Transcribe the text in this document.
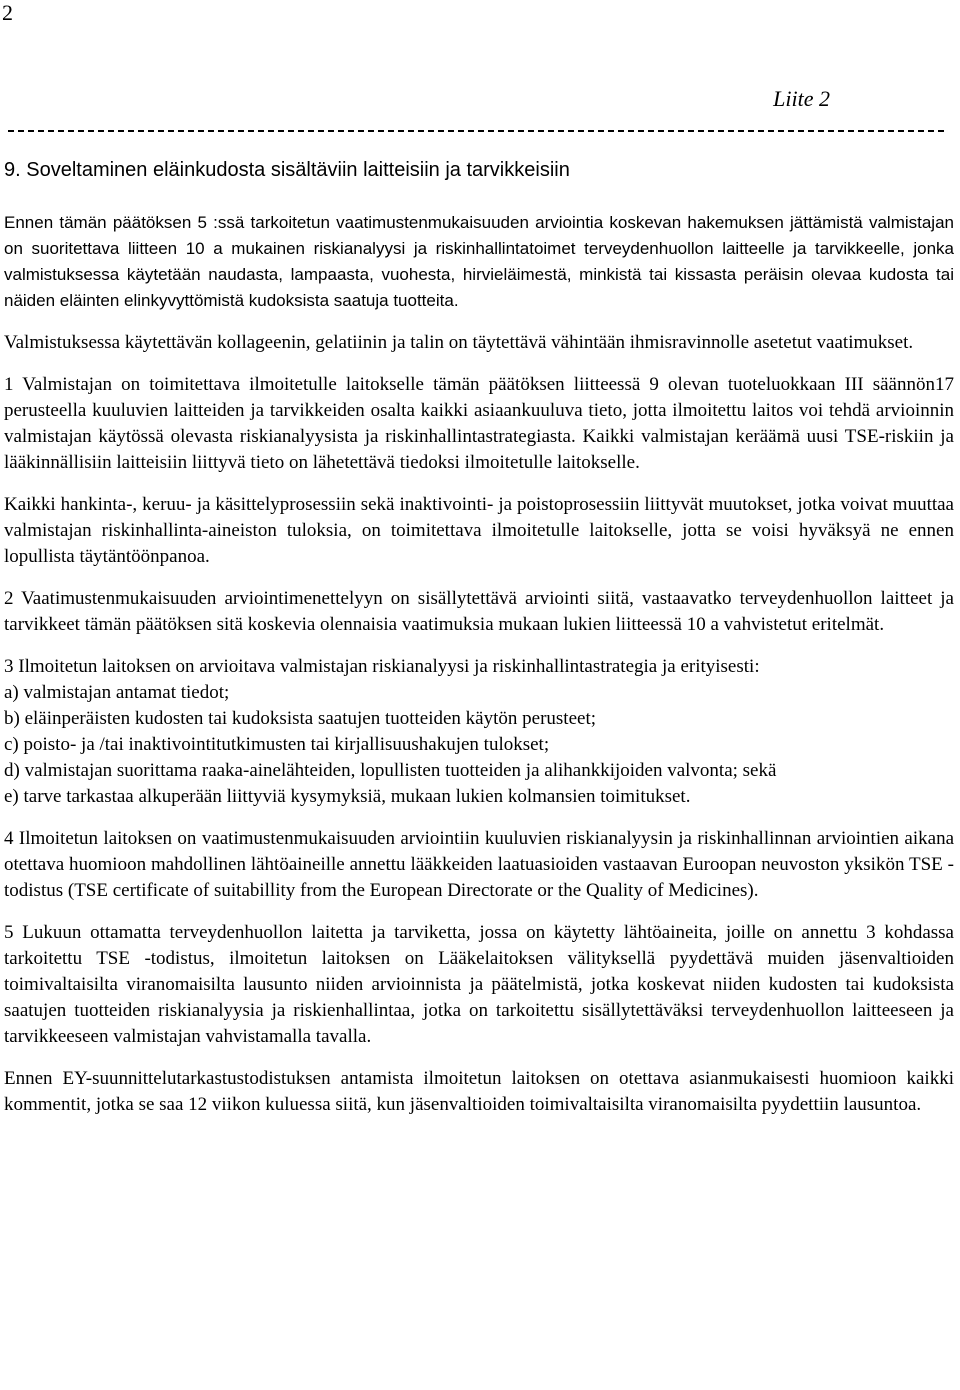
2
Liite 2
9. Soveltaminen eläinkudosta sisältäviin laitteisiin ja tarvikkeisiin

Ennen tämän päätöksen 5 :ssä tarkoitetun vaatimustenmukaisuuden arviointia koskevan hakemuksen jättämistä valmistajan on suoritettava liitteen 10 a mukainen riskianalyysi ja riskinhallintatoimet terveydenhuollon laitteelle ja tarvikkeelle, jonka valmistuksessa käytetään naudasta, lampaasta, vuohesta, hirvieläimestä, minkistä tai kissasta peräisin olevaa kudosta tai näiden eläinten elinkyvyttömistä kudoksista saatuja tuotteita.

Valmistuksessa käytettävän kollageenin, gelatiinin ja talin on täytettävä vähintään ihmisravinnolle asetetut vaatimukset.

1 Valmistajan on toimitettava ilmoitetulle laitokselle tämän päätöksen liitteessä 9 olevan tuoteluokkaan III säännön17 perusteella kuuluvien laitteiden ja tarvikkeiden osalta kaikki asiaankuuluva tieto, jotta ilmoitettu laitos voi tehdä arvioinnin valmistajan käytössä olevasta riskianalyysista ja riskinhallintastrategiasta. Kaikki valmistajan keräämä uusi TSE-riskiin ja lääkinnällisiin laitteisiin liittyvä tieto on lähetettävä tiedoksi ilmoitetulle laitokselle.

Kaikki hankinta-, keruu- ja käsittelyprosessiin sekä inaktivointi- ja poistoprosessiin liittyvät muutokset, jotka voivat muuttaa valmistajan riskinhallinta-aineiston tuloksia, on toimitettava ilmoitetulle laitokselle, jotta se voisi hyväksyä ne ennen lopullista täytäntöönpanoa.

2 Vaatimustenmukaisuuden arviointimenettelyyn on sisällytettävä arviointi siitä, vastaavatko terveydenhuollon laitteet ja tarvikkeet tämän päätöksen sitä koskevia olennaisia vaatimuksia mukaan lukien liitteessä 10 a vahvistetut eritelmät.

3 Ilmoitetun laitoksen on arvioitava valmistajan riskianalyysi ja riskinhallintastrategia ja erityisesti:

a) valmistajan antamat tiedot;
b) eläinperäisten kudosten tai kudoksista saatujen tuotteiden käytön perusteet;
c) poisto- ja /tai inaktivointitutkimusten tai kirjallisuushakujen tulokset;
d) valmistajan suorittama raaka-ainelähteiden, lopullisten tuotteiden ja alihankkijoiden valvonta; sekä
e) tarve tarkastaa alkuperään liittyviä kysymyksiä, mukaan lukien kolmansien toimitukset.

4 Ilmoitetun laitoksen on vaatimustenmukaisuuden arviointiin kuuluvien riskianalyysin ja riskinhallinnan arviointien aikana otettava huomioon mahdollinen lähtöaineille annettu lääkkeiden laatuasioiden vastaavan Euroopan neuvoston yksikön TSE -todistus (TSE certificate of suitabillity from the European Directorate or the Quality of Medicines).

5 Lukuun ottamatta terveydenhuollon laitetta ja tarviketta, jossa on käytetty lähtöaineita, joille on annettu 3 kohdassa tarkoitettu TSE -todistus, ilmoitetun laitoksen on Lääkelaitoksen välityksellä pyydettävä muiden jäsenvaltioiden toimivaltaisilta viranomaisilta lausunto niiden arvioinnista ja päätelmistä, jotka koskevat niiden kudosten tai kudoksista saatujen tuotteiden riskianalyysia ja riskienhallintaa, jotka on tarkoitettu sisällytettäväksi terveydenhuollon laitteeseen ja tarvikkeeseen valmistajan vahvistamalla tavalla.

Ennen EY-suunnittelutarkastustodistuksen antamista ilmoitetun laitoksen on otettava asianmukaisesti huomioon kaikki kommentit, jotka se saa 12 viikon kuluessa siitä, kun jäsenvaltioiden toimivaltaisilta viranomaisilta pyydettiin lausuntoa.
